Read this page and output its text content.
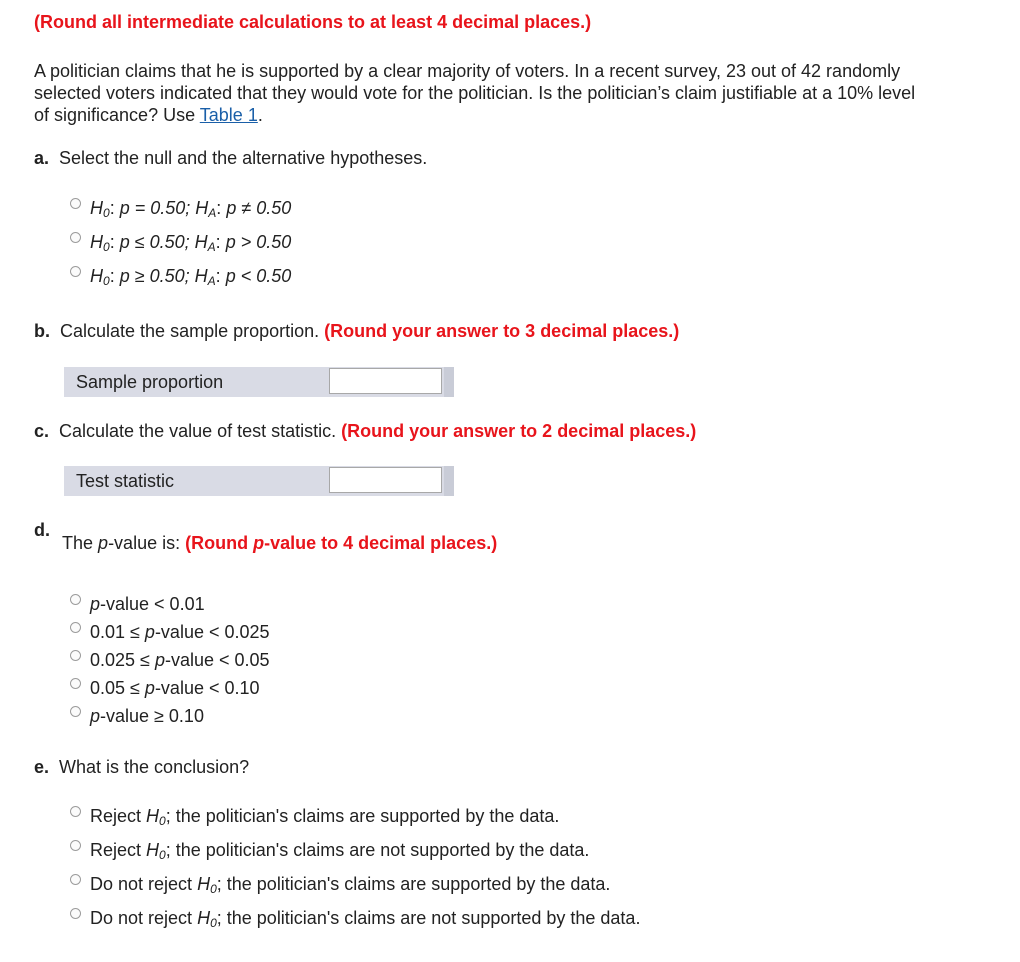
(Round all intermediate calculations to at least 4 decimal places.)
A politician claims that he is supported by a clear majority of voters. In a recent survey, 23 out of 42 randomly selected voters indicated that they would vote for the politician. Is the politician’s claim justifiable at a 10% level of significance? Use Table 1.
a. Select the null and the alternative hypotheses.
$H_0$: p = 0.50; $H_A$: p ≠ 0.50
$H_0$: p ≤ 0.50; $H_A$: p > 0.50
$H_0$: p ≥ 0.50; $H_A$: p < 0.50
b. Calculate the sample proportion. (Round your answer to 3 decimal places.)
Sample proportion
c. Calculate the value of test statistic. (Round your answer to 2 decimal places.)
Test statistic
d.
The p-value is: (Round p-value to 4 decimal places.)
p-value < 0.01
0.01 ≤ p-value < 0.025
0.025 ≤ p-value < 0.05
0.05 ≤ p-value < 0.10
p-value ≥ 0.10
e. What is the conclusion?
Reject $H_0$; the politician's claims are supported by the data.
Reject $H_0$; the politician's claims are not supported by the data.
Do not reject $H_0$; the politician's claims are supported by the data.
Do not reject $H_0$; the politician's claims are not supported by the data.
